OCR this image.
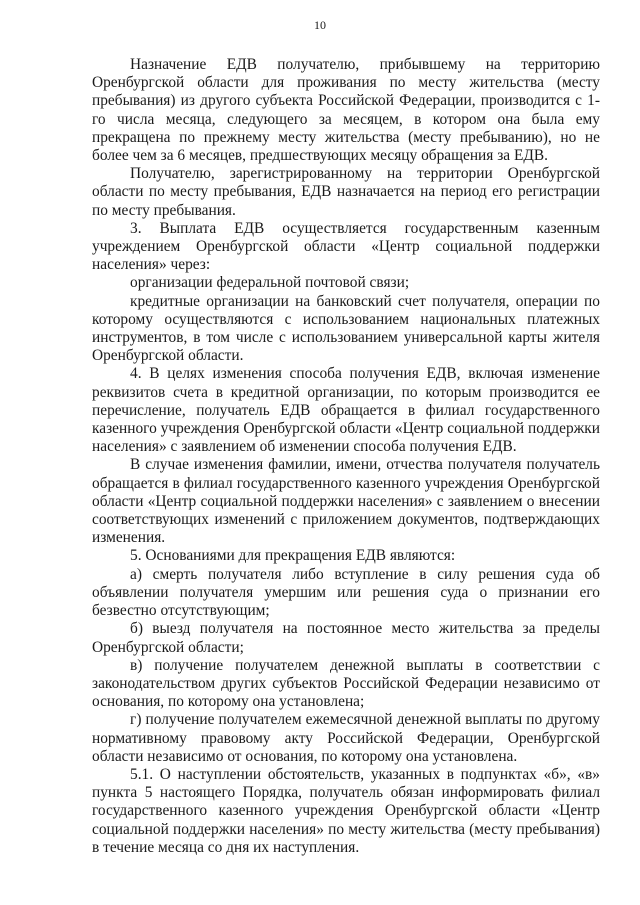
10

Назначение ЕДВ получателю, прибывшему на территорию Оренбургской области для проживания по месту жительства (месту пребывания) из другого субъекта Российской Федерации, производится с 1-го числа месяца, следующего за месяцем, в котором она была ему прекращена по прежнему месту жительства (месту пребыванию), но не более чем за 6 месяцев, предшествующих месяцу обращения за ЕДВ.

Получателю, зарегистрированному на территории Оренбургской области по месту пребывания, ЕДВ назначается на период его регистрации по месту пребывания.

3. Выплата ЕДВ осуществляется государственным казенным учреждением Оренбургской области «Центр социальной поддержки населения» через:

организации федеральной почтовой связи;

кредитные организации на банковский счет получателя, операции по которому осуществляются с использованием национальных платежных инструментов, в том числе с использованием универсальной карты жителя Оренбургской области.

4. В целях изменения способа получения ЕДВ, включая изменение реквизитов счета в кредитной организации, по которым производится ее перечисление, получатель ЕДВ обращается в филиал государственного казенного учреждения Оренбургской области «Центр социальной поддержки населения» с заявлением об изменении способа получения ЕДВ.

В случае изменения фамилии, имени, отчества получателя получатель обращается в филиал государственного казенного учреждения Оренбургской области «Центр социальной поддержки населения» с заявлением о внесении соответствующих изменений с приложением документов, подтверждающих изменения.

5. Основаниями для прекращения ЕДВ являются:

а) смерть получателя либо вступление в силу решения суда об объявлении получателя умершим или решения суда о признании его безвестно отсутствующим;

б) выезд получателя на постоянное место жительства за пределы Оренбургской области;

в) получение получателем денежной выплаты в соответствии с законодательством других субъектов Российской Федерации независимо от основания, по которому она установлена;

г) получение получателем ежемесячной денежной выплаты по другому нормативному правовому акту Российской Федерации, Оренбургской области независимо от основания, по которому она установлена.

5.1. О наступлении обстоятельств, указанных в подпунктах «б», «в» пункта 5 настоящего Порядка, получатель обязан информировать филиал государственного казенного учреждения Оренбургской области «Центр социальной поддержки населения» по месту жительства (месту пребывания) в течение месяца со дня их наступления.
